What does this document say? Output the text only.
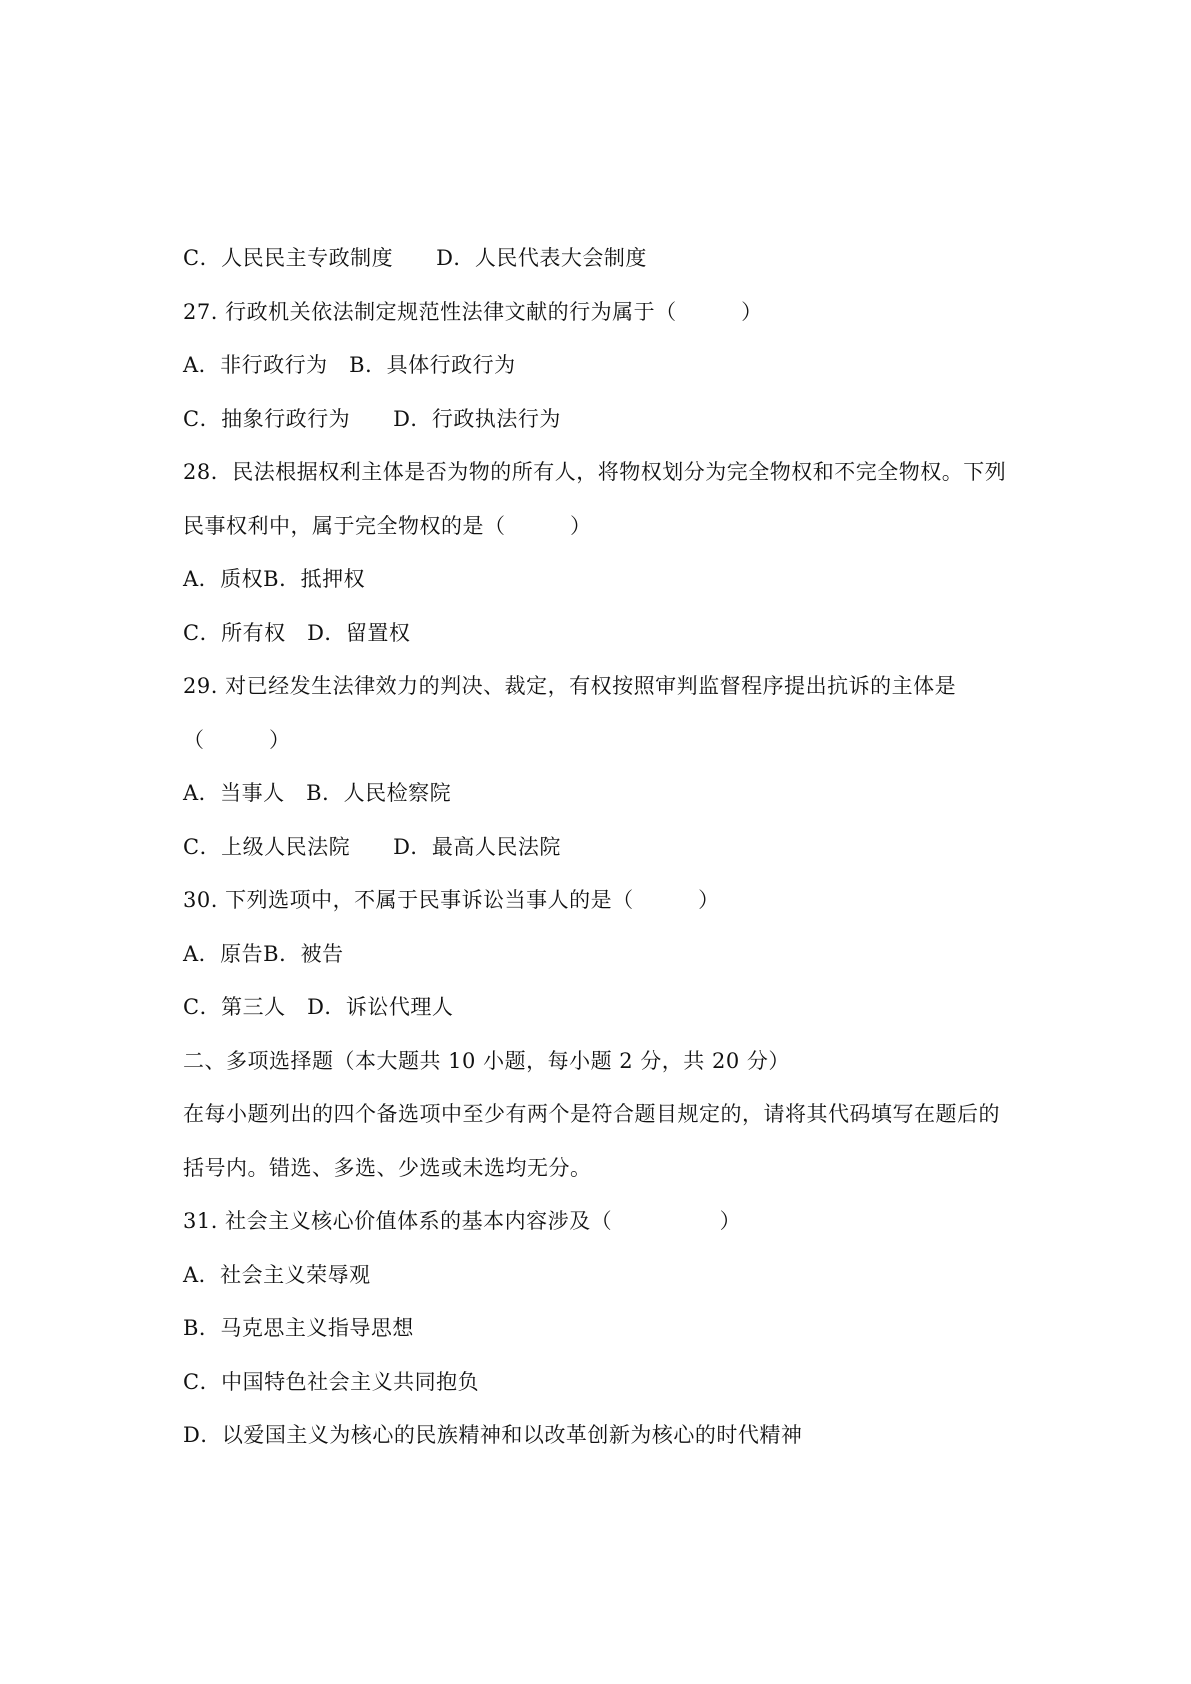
C．人民民主专政制度　　D．人民代表大会制度
27. 行政机关依法制定规范性法律文献的行为属于（　　　）
A．非行政行为　B．具体行政行为
C．抽象行政行为　　D．行政执法行为
28．民法根据权利主体是否为物的所有人，将物权划分为完全物权和不完全物权。下列
民事权利中，属于完全物权的是（　　　）
A．质权B．抵押权
C．所有权　D．留置权
29. 对已经发生法律效力的判决、裁定，有权按照审判监督程序提出抗诉的主体是
（　　　）
A．当事人　B．人民检察院
C．上级人民法院　　D．最高人民法院
30. 下列选项中，不属于民事诉讼当事人的是（　　　）
A．原告B．被告
C．第三人　D．诉讼代理人
二、多项选择题（本大题共 10 小题，每小题 2 分，共 20 分）
在每小题列出的四个备选项中至少有两个是符合题目规定的，请将其代码填写在题后的
括号内。错选、多选、少选或未选均无分。
31. 社会主义核心价值体系的基本内容涉及（　　　　　）
A．社会主义荣辱观
B．马克思主义指导思想
C．中国特色社会主义共同抱负
D．以爱国主义为核心的民族精神和以改革创新为核心的时代精神
